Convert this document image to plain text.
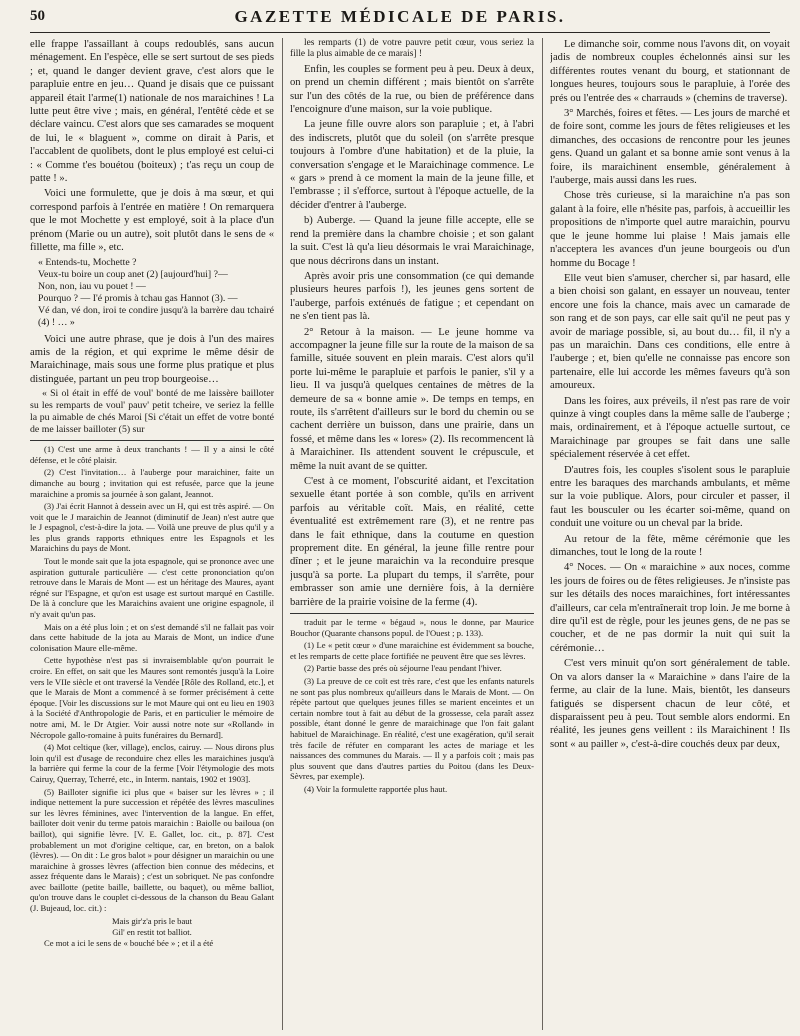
50	GAZETTE MÉDICALE DE PARIS.

elle frappe l'assaillant à coups redoublés, sans aucun ménagement. En l'espèce, elle se sert surtout de ses pieds ; et, quand le danger devient grave, c'est alors que le parapluie entre en jeu… Quand je disais que ce puissant appareil était l'arme(1) nationale de nos maraichines ! La lutte peut être vive ; mais, en général, l'entêté cède et se déclare vaincu. C'est alors que ses camarades se moquent de lui, le « blaguent », comme on dirait à Paris, et l'accablent de quolibets, dont le plus employé est celui-ci : « Comme t'es bouétou (boiteux) ; t'as reçu un coup de patte ! ».

Voici une formulette, que je dois à ma sœur, et qui correspond parfois à l'entrée en matière ! On remarquera que le mot Mochette y est employé, soit à la place d'un prénom (Marie ou un autre), soit plutôt dans le sens de « fillette, ma fille », etc.

« Entends-tu, Mochette ?
Veux-tu boire un coup anet (2) [aujourd'hui] ?—
Non, non, iau vu pouet ! —
Pourquo ? — I'é promis à tchau gas Hannot (3). —
Vé dan, vé don, iroi te condire jusqu'à la barrère dau tchairé (4) ! … »

Voici une autre phrase, que je dois à l'un des maires amis de la région, et qui exprime le même désir de Maraichinage, mais sous une forme plus pratique et plus distinguée, partant un peu trop bourgeoise…

« Si ol était in effé de voul' bonté de me laissère bailloter su les remparts de voul' pauv' petit tcheire, ve seriez la fellle la pu aimable de chés Maroi [Si c'était un effet de votre bonté de me laisser bailloter (5) sur

(1) C'est une arme à deux tranchants ! — Il y a ainsi le côté défense, et le côté plaisir.

(2) C'est l'invitation… à l'auberge pour maraichiner, faite un dimanche au bourg ; invitation qui est refusée, parce que la jeune maraichine a promis sa journée à son galant, Jeannot.

(3) J'ai écrit Hannot à dessein avec un H, qui est très aspiré. — On voit que le J maraichin de Jeannot (diminutif de Jean) n'est autre que le J espagnol, c'est-à-dire la jota. — Voilà une preuve de plus qu'il y a les plus grands rapports ethniques entre les Espagnols et les Maraichins du pays de Mont.

Tout le monde sait que la jota espagnole, qui se prononce avec une aspiration gutturale particulière — c'est cette prononciation qu'on retrouve dans le Marais de Mont — est un héritage des Maures, ayant régné sur l'Espagne, et qu'on est usage est surtout marqué en Castille. De là à conclure que les Maraichins avaient une origine espagnole, il n'y avait qu'un pas.

Mais on a été plus loin ; et on s'est demandé s'il ne fallait pas voir dans cette habitude de la jota au Marais de Mont, un indice d'une colonisation Maure elle-même.

Cette hypothèse n'est pas si invraisemblable qu'on pourrait le croire. En effet, on sait que les Maures sont remontés jusqu'à la Loire vers le VIIe siècle et ont traversé la Vendée [Rôle des Rolland, etc.], et que le Marais de Mont a commencé à se former précisément à cette époque. [Voir les discussions sur le mot Maure qui ont eu lieu en 1903 à la Société d'Anthropologie de Paris, et en particulier le mémoire de notre ami, M. le Dr Atgier. Voir aussi notre note sur «Rolland» in Nécropole gallo-romaine à puits funéraires du Bernard].

(4) Mot celtique (ker, village), enclos, cairuy. — Nous dirons plus loin qu'il est d'usage de reconduire chez elles les maraichines jusqu'à la barrière qui ferme la cour de la ferme [Voir l'étymologie des mots Cairuy, Querray, Tcherré, etc., in Interm. nantais, 1902 et 1903].

(5) Bailloter signifie ici plus que « baiser sur les lèvres » ; il indique nettement la pure succession et répétée des lèvres masculines sur les lèvres féminines, avec l'intervention de la langue. En effet, bailloter doit venir du terme patois maraichin : Baiolle ou bailoua (on baillot), qui signifie lèvre. [V. E. Gallet, loc. cit., p. 87]. C'est probablement un mot d'origine celtique, car, en breton, on a balok (lèvres). — On dit : Le gros balot » pour désigner un maraichin ou une maraichine à grosses lèvres (affection bien connue des médecins, et assez fréquente dans le Marais) ; c'est un sobriquet. Ne pas confondre avec baillotte (petite baille, baillette, ou baquet), ou même balliot, qu'on trouve dans le couplet ci-dessous de la chanson du Beau Galant (J. Bujeaud, loc. cit.) :

Mais gir'z'a pris le baut
Gil' en restit tot balliot.

Ce mot a ici le sens de « bouché bée » ; et il a été

les remparts (1) de votre pauvre petit cœur, vous seriez la fille la plus aimable de ce marais] !

Enfin, les couples se forment peu à peu. Deux à deux, on prend un chemin différent ; mais bientôt on s'arrête sur l'un des côtés de la rue, ou bien de préférence dans l'encoignure d'une maison, sur la voie publique.

La jeune fille ouvre alors son parapluie ; et, à l'abri des indiscrets, plutôt que du soleil (on s'arrête presque toujours à l'ombre d'une habitation) et de la pluie, la conversation s'engage et le Maraichinage commence. Le « gars » prend à ce moment la main de la jeune fille, et l'embrasse ; il s'efforce, surtout à l'époque actuelle, de la décider d'entrer à l'auberge.

b) Auberge. — Quand la jeune fille accepte, elle se rend la première dans la chambre choisie ; et son galant la suit. C'est là qu'a lieu désormais le vrai Maraichinage, que nous décrirons dans un instant.

Après avoir pris une consommation (ce qui demande plusieurs heures parfois !), les jeunes gens sortent de l'auberge, parfois exténués de fatigue ; et cependant on ne s'en tient pas là.

2° Retour à la maison. — Le jeune homme va accompagner la jeune fille sur la route de la maison de sa famille, située souvent en plein marais. C'est alors qu'il porte lui-même le parapluie et parfois le panier, s'il y a lieu. Il va jusqu'à quelques centaines de mètres de la demeure de sa « bonne amie ». De temps en temps, en route, ils s'arrêtent d'ailleurs sur le bord du chemin ou se cachent derrière un buisson, dans une prairie, dans un fossé, et même dans les « lores» (2). Ils recommencent là à Maraichiner. Ils attendent souvent le crépuscule, et même la nuit avant de se quitter.

C'est à ce moment, l'obscurité aidant, et l'excitation sexuelle étant portée à son comble, qu'ils en arrivent parfois au véritable coït. Mais, en réalité, cette éventualité est extrêmement rare (3), et ne rentre pas dans le fait ethnique, dans la coutume en question proprement dite. En général, la jeune fille rentre pour dîner ; et le jeune maraichin va la reconduire presque jusqu'à sa porte. La plupart du temps, il s'arrête, pour embrasser son amie une dernière fois, à la dernière barrière de la prairie voisine de la ferme (4).

traduit par le terme « bégaud », nous le donne, par Maurice Bouchor (Quarante chansons popul. de l'Ouest ; p. 133).

(1) Le « petit cœur » d'une maraichine est évidemment sa bouche, et les remparts de cette place fortifiée ne peuvent être que ses lèvres.

(2) Partie basse des prés où séjourne l'eau pendant l'hiver.

(3) La preuve de ce coït est très rare, c'est que les enfants naturels ne sont pas plus nombreux qu'ailleurs dans le Marais de Mont. — On répète partout que quelques jeunes filles se marient enceintes et un certain nombre tout à fait au début de la grossesse, cela paraît assez possible, étant donné le genre de maraichinage que l'on fait galant habituel de Maraichinage. En réalité, c'est une exagération, qu'il serait très facile de réfuter en comparant les actes de mariage et les naissances des communes du Marais. — Il y a parfois coït ; mais pas plus souvent que dans d'autres parties du Poitou (dans les Deux-Sèvres, par exemple).

(4) Voir la formulette rapportée plus haut.

Le dimanche soir, comme nous l'avons dit, on voyait jadis de nombreux couples échelonnés ainsi sur les différentes routes venant du bourg, et stationnant de longues heures, toujours sous le parapluie, à l'orée des prés ou l'entrée des « charrauds » (chemins de traverse).

3° Marchés, foires et fêtes. — Les jours de marché et de foire sont, comme les jours de fêtes religieuses et les dimanches, des occasions de rencontre pour les jeunes gens. Quand un galant et sa bonne amie sont venus à la foire, ils maraichinent ensemble, généralement à l'auberge, mais aussi dans les rues.

Chose très curieuse, si la maraichine n'a pas son galant à la foire, elle n'hésite pas, parfois, à accueillir les propositions de n'importe quel autre maraichin, pourvu que le jeune homme lui plaise ! Mais jamais elle n'acceptera les avances d'un jeune bourgeois ou d'un homme du Bocage !

Elle veut bien s'amuser, chercher si, par hasard, elle a bien choisi son galant, en essayer un nouveau, tenter encore une fois la chance, mais avec un camarade de son rang et de son pays, car elle sait qu'il ne peut pas y avoir de mariage possible, si, au bout du… fil, il n'y a pas un maraichin. Dans ces conditions, elle entre à l'auberge ; et, bien qu'elle ne connaisse pas encore son partenaire, elle lui accorde les mêmes faveurs qu'à son amoureux.

Dans les foires, aux préveils, il n'est pas rare de voir quinze à vingt couples dans la même salle de l'auberge ; mais, ordinairement, et à l'époque actuelle surtout, ce Maraichinage par groupes se fait dans une salle spécialement réservée à cet effet.

D'autres fois, les couples s'isolent sous le parapluie entre les baraques des marchands ambulants, et même sur la voie publique. Alors, pour circuler et passer, il faut les bousculer ou les écarter soi-même, quand on conduit une voiture ou un cheval par la bride.

Au retour de la fête, même cérémonie que les dimanches, tout le long de la route !

4° Noces. — On « maraichine » aux noces, comme les jours de foires ou de fêtes religieuses. Je n'insiste pas sur les détails des noces maraichines, fort intéressantes d'ailleurs, car cela m'entraînerait trop loin. Je me borne à dire qu'il est de règle, pour les jeunes gens, de ne pas se coucher, et de ne pas dormir la nuit qui suit la cérémonie…

C'est vers minuit qu'on sort généralement de table. On va alors danser la « Maraichine » dans l'aire de la ferme, au clair de la lune. Mais, bientôt, les danseurs fatigués se dispersent chacun de leur côté, et disparaissent peu à peu. Tout semble alors endormi. En réalité, les jeunes gens veillent : ils Maraichinent ! Ils sont « au pailler », c'est-à-dire couchés deux par deux,
